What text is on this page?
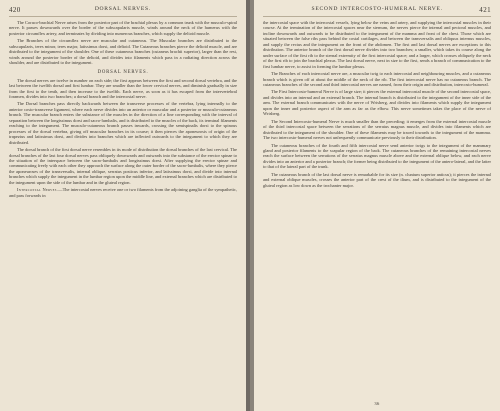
420	DORSAL NERVES.

The Coraco-brachial Nerve arises from the posterior part of the brachial plexus by a common trunk with the musculo-spiral nerve. It passes downwards over the border of the subscapularis muscle, winds around the neck of the humerus with the posterior circumflex artery, and terminates by dividing into numerous branches, which supply the deltoid muscle.

The Branches of the circumflex nerve are muscular and cutaneous. The Muscular branches are distributed to the subscapularis, teres minor, teres major, latissimus dorsi, and deltoid. The Cutaneous branches pierce the deltoid muscle, and are distributed to the integument of the shoulder. One of these cutaneous branches (cutaneus brachii superior), larger than the rest, winds around the posterior border of the deltoid, and divides into filaments which pass in a radiating direction across the shoulder, and are distributed to the integument.

DORSAL NERVES.

The dorsal nerves are twelve in number on each side; the first appears between the first and second dorsal vertebra, and the last between the twelfth dorsal and first lumbar. They are smaller than the lower cervical nerves, and diminish gradually in size from the first to the tenth, and then increase to the twelfth. Each nerve, as soon as it has escaped from the intervertebral foramen, divides into two branches; a dorsal branch and the intercostal nerve.

The Dorsal branches pass directly backwards between the transverse processes of the vertebra, lying internally to the anterior costo-transverse ligament, where each nerve divides into an anterior or muscular and a posterior or musculo-cutaneous branch. The muscular branch enters the substance of the muscles in the direction of a line corresponding with the interval of separation between the longissimus dorsi and sacro-lumbalis, and is distributed to the muscles of the back, its terminal filaments reaching to the integument. The musculo-cutaneous branch passes inwards, crossing the semispinalis dorsi to the spinous processes of the dorsal vertebra, giving off muscular branches in its course; it then pierces the aponeurosis of origin of the trapezius and latissimus dorsi, and divides into branches which are inflected outwards to the integument to which they are distributed.

The dorsal branch of the first dorsal nerve resembles in its mode of distribution the dorsal branches of the last cervical. The dorsal branches of the last four dorsal nerves pass obliquely downwards and outwards into the substance of the erector spinae to the situation of the interspace between the sacro-lumbalis and longissimus dorsi. After supplying the erector spinae and communicating freely with each other they approach the surface along the outer border of the sacro-lumbalis, where they pierce the aponeuroses of the transversalis, internal oblique, serratus posticus inferior, and latissimus dorsi, and divide into internal branches which supply the integument in the lumbar region upon the middle line, and external branches which are distributed to the integument upon the side of the lumbar and in the gluteal region.

Intercostal Nerves.—The intercostal nerves receive one or two filaments from the adjoining ganglia of the sympathetic, and pass forwards in

SECOND INTERCOSTO-HUMERAL NERVE.	421

the intercostal space with the intercostal vessels, lying below the veins and artery, and supplying the intercostal muscles in their course. At the termination of the intercostal spaces near the sternum, the nerves pierce the internal and pectoral muscles, and incline downwards and outwards to be distributed to the integument of the mamma and front of the chest. Those which are situated between the false ribs pass behind the costal cartilages, and between the transversalis and obliquus internus muscles, and supply the rectus and the integument on the front of the abdomen. The first and last dorsal nerves are exceptions to this distribution. The anterior branch of the first dorsal nerve divides into two branches; a smaller, which takes its course along the under surface of the first rib to the sternal extremity of the first intercostal space; and a larger, which crosses obliquely the neck of the first rib to join the brachial plexus. The last dorsal nerve, next in size to the first, sends a branch of communication to the first lumbar nerve, to assist in forming the lumbar plexus.

The Branches of each intercostal nerve are, a muscular twig to each intercostal and neighbouring muscles, and a cutaneous branch which is given off at about the middle of the neck of the rib. The first intercostal nerve has no cutaneous branch. The cutaneous branches of the second and third intercostal nerves are named, from their origin and distribution, intercosto-humeral.

The First Intercosto-humeral Nerve is of large size; it pierces the external intercostal muscle of the second intercostal space, and divides into an internal and an external branch. The internal branch is distributed to the integument of the inner side of the arm. The external branch communicates with the nerve of Wrisberg, and divides into filaments which supply the integument upon the inner and posterior aspect of the arm as far as the elbow. This nerve sometimes takes the place of the nerve of Wrisberg.

The Second Intercosto-humeral Nerve is much smaller than the preceding; it emerges from the external intercostal muscle of the third intercostal space between the serrations of the serratus magnus muscle, and divides into filaments which are distributed to the integument of the shoulder. One of these filaments may be traced towards to the integument of the mamma. The two intercosto-humeral nerves not unfrequently communicate previously to their distribution.

The cutaneous branches of the fourth and fifth intercostal nerve send anterior twigs to the integument of the mammary gland and posterior filaments to the scapular region of the back. The cutaneous branches of the remaining intercostal nerves reach the surface between the serrations of the serratus magnus muscle above and the external oblique below, and each nerve divides into an anterior and a posterior branch; the former being distributed to the integument of the antero-lateral, and the latter to that of the lateral part of the trunk.

The cutaneous branch of the last dorsal nerve is remarkable for its size (n. clunium superior anticus); it pierces the internal and external oblique muscles, crosses the anterior part of the crest of the ilium, and is distributed to the integument of the gluteal region as low down as the trochanter major.

36
